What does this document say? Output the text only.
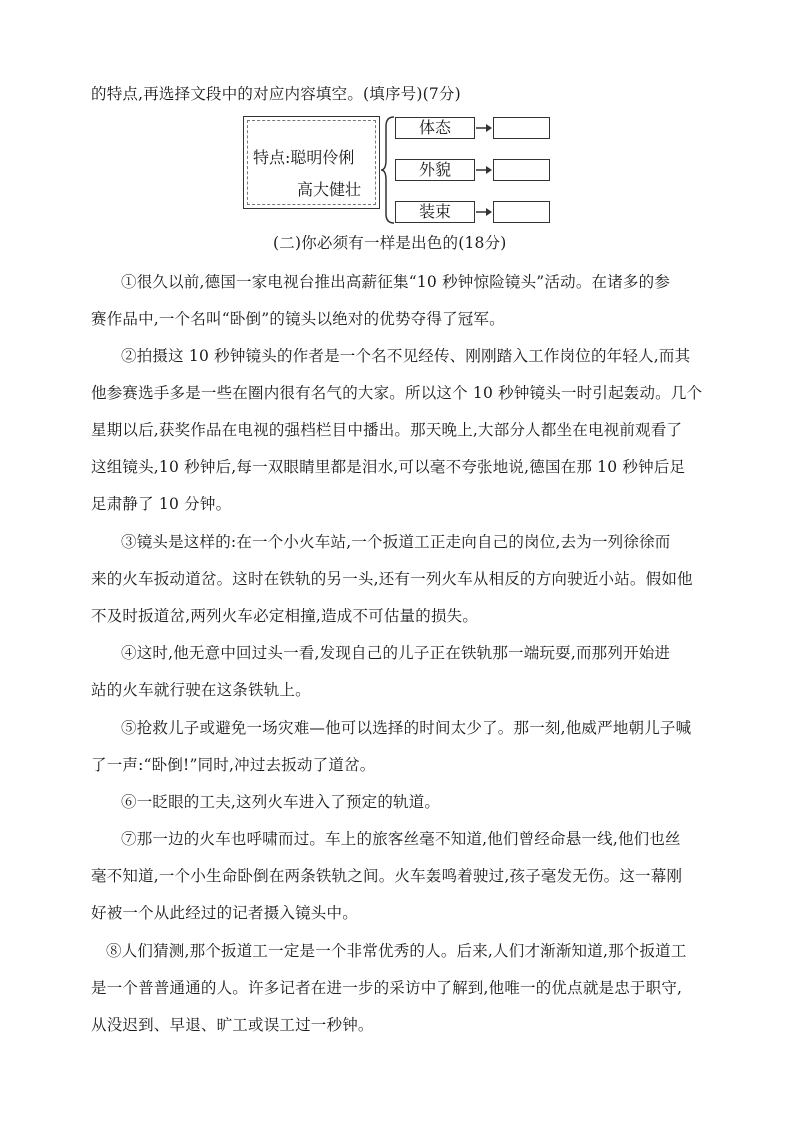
的特点,再选择文段中的对应内容填空。(填序号)(7分)
特点:聪明伶俐
高大健壮
体态
外貌
装束
(二)你必须有一样是出色的(18分)
①很久以前,德国一家电视台推出高薪征集“10 秒钟惊险镜头”活动。在诸多的参
赛作品中,一个名叫“卧倒”的镜头以绝对的优势夺得了冠军。
②拍摄这 10 秒钟镜头的作者是一个名不见经传、刚刚踏入工作岗位的年轻人,而其
他参赛选手多是一些在圈内很有名气的大家。所以这个 10 秒钟镜头一时引起轰动。几个
星期以后,获奖作品在电视的强档栏目中播出。那天晚上,大部分人都坐在电视前观看了
这组镜头,10 秒钟后,每一双眼睛里都是泪水,可以毫不夸张地说,德国在那 10 秒钟后足
足肃静了 10 分钟。
③镜头是这样的:在一个小火车站,一个扳道工正走向自己的岗位,去为一列徐徐而
来的火车扳动道岔。这时在铁轨的另一头,还有一列火车从相反的方向驶近小站。假如他
不及时扳道岔,两列火车必定相撞,造成不可估量的损失。
④这时,他无意中回过头一看,发现自己的儿子正在铁轨那一端玩耍,而那列开始进
站的火车就行驶在这条铁轨上。
⑤抢救儿子或避免一场灾难—他可以选择的时间太少了。那一刻,他威严地朝儿子喊
了一声:“卧倒!”同时,冲过去扳动了道岔。
⑥一眨眼的工夫,这列火车进入了预定的轨道。
⑦那一边的火车也呼啸而过。车上的旅客丝毫不知道,他们曾经命悬一线,他们也丝
毫不知道,一个小生命卧倒在两条铁轨之间。火车轰鸣着驶过,孩子毫发无伤。这一幕刚
好被一个从此经过的记者摄入镜头中。
⑧人们猜测,那个扳道工一定是一个非常优秀的人。后来,人们才渐渐知道,那个扳道工
是一个普普通通的人。许多记者在进一步的采访中了解到,他唯一的优点就是忠于职守,
从没迟到、早退、旷工或误工过一秒钟。
